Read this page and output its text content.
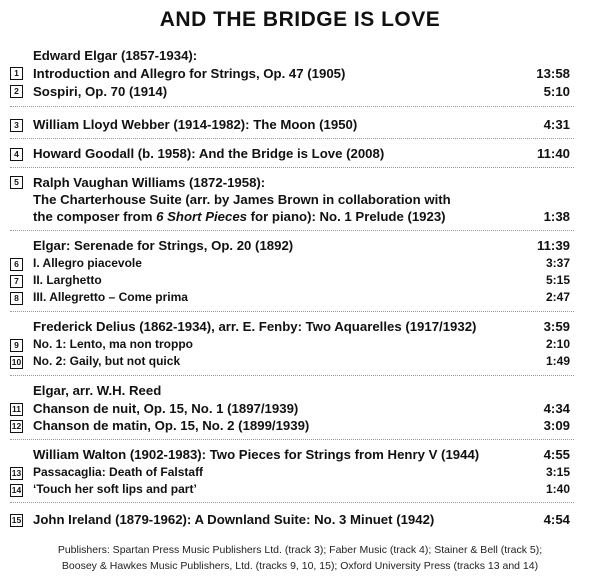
AND THE BRIDGE IS LOVE
Edward Elgar (1857-1934):
1	Introduction and Allegro for Strings, Op. 47 (1905)	13:58
2	Sospiri, Op. 70 (1914)	5:10
3	William Lloyd Webber (1914-1982): The Moon (1950)	4:31
4	Howard Goodall (b. 1958): And the Bridge is Love (2008)	11:40
5	Ralph Vaughan Williams (1872-1958):
The Charterhouse Suite (arr. by James Brown in collaboration with
the composer from 6 Short Pieces for piano): No. 1 Prelude (1923)	1:38
Elgar: Serenade for Strings, Op. 20 (1892)	11:39
6	I. Allegro piacevole	3:37
7	II. Larghetto	5:15
8	III. Allegretto – Come prima	2:47
Frederick Delius (1862-1934), arr. E. Fenby: Two Aquarelles (1917/1932)	3:59
9	No. 1: Lento, ma non troppo	2:10
10 No. 2: Gaily, but not quick	1:49
Elgar, arr. W.H. Reed
11 Chanson de nuit, Op. 15, No. 1 (1897/1939)	4:34
12 Chanson de matin, Op. 15, No. 2 (1899/1939)	3:09
William Walton (1902-1983): Two Pieces for Strings from Henry V (1944)	4:55
13 Passacaglia: Death of Falstaff	3:15
14 ‘Touch her soft lips and part’	1:40
15 John Ireland (1879-1962): A Downland Suite: No. 3 Minuet (1942)	4:54
Publishers: Spartan Press Music Publishers Ltd. (track 3); Faber Music (track 4); Stainer & Bell (track 5);
Boosey & Hawkes Music Publishers, Ltd. (tracks 9, 10, 15); Oxford University Press (tracks 13 and 14)
